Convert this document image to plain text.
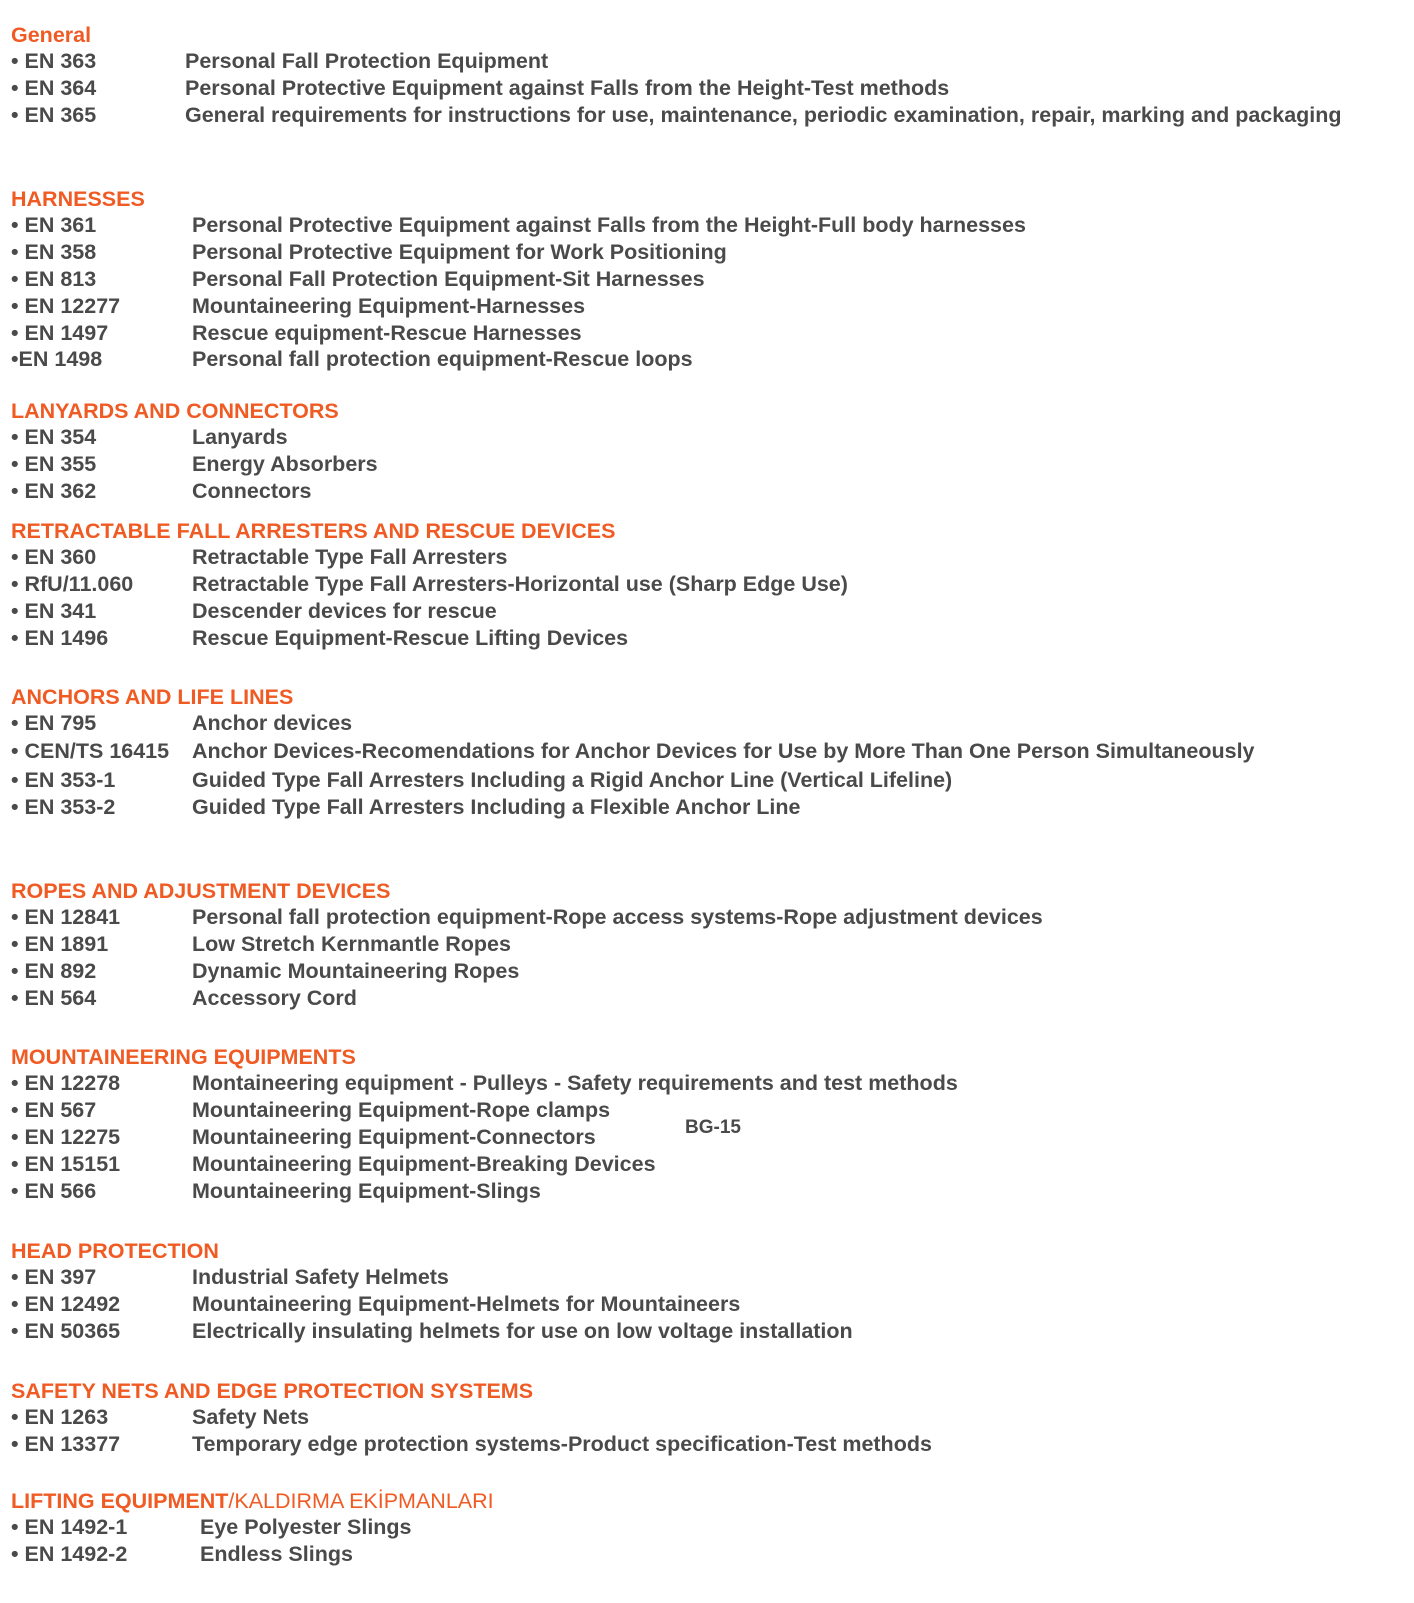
General
• EN 363	Personal Fall Protection Equipment
• EN 364	Personal Protective Equipment against Falls from the Height-Test methods
• EN 365	General requirements for instructions for use, maintenance, periodic examination, repair, marking and packaging
HARNESSES
• EN 361	Personal Protective Equipment against Falls from the Height-Full body harnesses
• EN 358	Personal Protective Equipment for Work Positioning
• EN 813	Personal Fall Protection Equipment-Sit Harnesses
• EN 12277	Mountaineering Equipment-Harnesses
• EN 1497	Rescue equipment-Rescue Harnesses
•EN 1498	Personal fall protection equipment-Rescue loops
LANYARDS AND CONNECTORS
• EN 354	Lanyards
• EN 355	Energy Absorbers
• EN 362	Connectors
RETRACTABLE FALL ARRESTERS AND RESCUE DEVICES
• EN 360	Retractable Type Fall Arresters
• RfU/11.060	Retractable Type Fall Arresters-Horizontal use (Sharp Edge Use)
• EN 341	Descender devices for rescue
• EN 1496	Rescue Equipment-Rescue Lifting Devices
ANCHORS AND LIFE LINES
• EN 795	Anchor devices
• CEN/TS 16415 Anchor Devices-Recomendations for Anchor Devices for Use by More Than One Person Simultaneously
• EN 353-1	Guided Type Fall Arresters Including a Rigid Anchor Line (Vertical Lifeline)
• EN 353-2	Guided Type Fall Arresters Including a Flexible Anchor Line
ROPES AND ADJUSTMENT DEVICES
• EN 12841	Personal fall protection equipment-Rope access systems-Rope adjustment devices
• EN 1891	Low Stretch Kernmantle Ropes
• EN 892	Dynamic Mountaineering Ropes
• EN 564	Accessory Cord
MOUNTAINEERING EQUIPMENTS
• EN 12278	Montaineering equipment - Pulleys - Safety requirements and test methods
• EN 567	Mountaineering Equipment-Rope clamps
• EN 12275	Mountaineering Equipment-Connectors
• EN 15151	Mountaineering Equipment-Breaking Devices
• EN 566	Mountaineering Equipment-Slings
BG-15
HEAD PROTECTION
• EN 397	Industrial Safety Helmets
• EN 12492	Mountaineering Equipment-Helmets for Mountaineers
• EN 50365	Electrically insulating helmets for use on low voltage installation
SAFETY NETS AND EDGE PROTECTION SYSTEMS
• EN 1263	Safety Nets
• EN 13377	Temporary edge protection systems-Product specification-Test methods
LIFTING EQUIPMENT/KALDIRMA EKİPMANLARI
• EN 1492-1	Eye Polyester Slings
• EN 1492-2	Endless Slings
